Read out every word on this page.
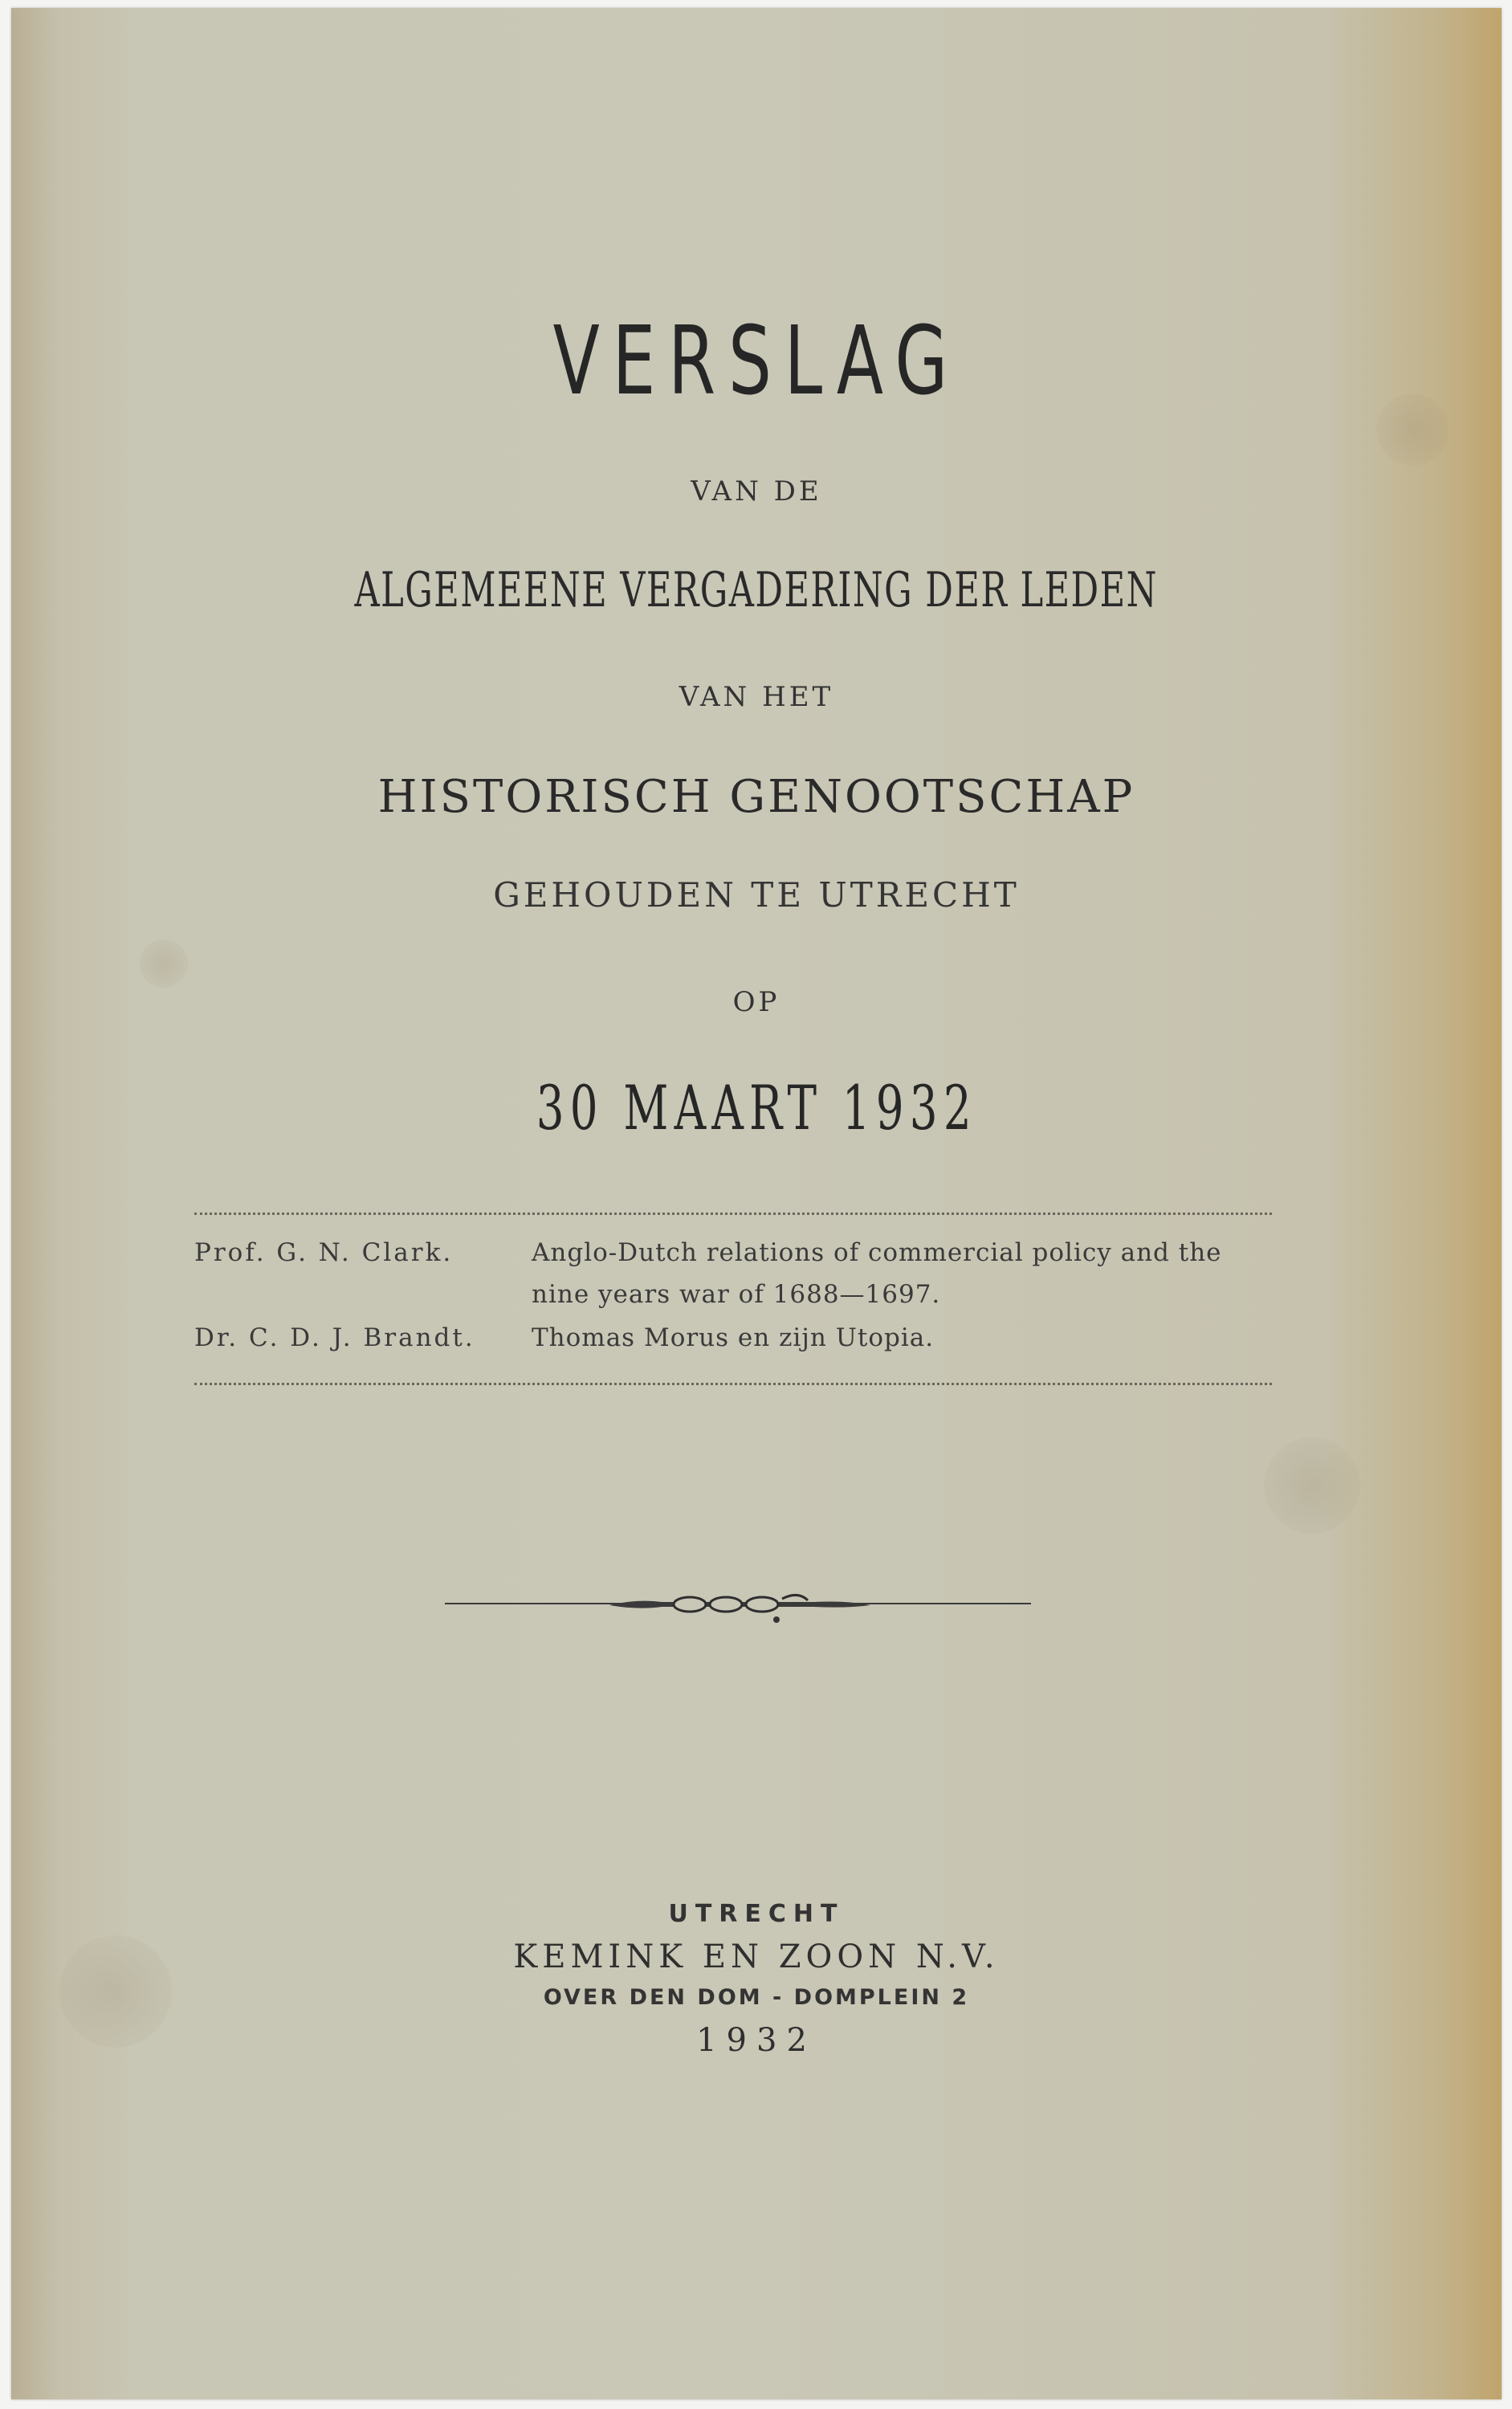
VERSLAG
VAN DE
ALGEMEENE VERGADERING DER LEDEN
VAN HET
HISTORISCH GENOOTSCHAP
GEHOUDEN TE UTRECHT
OP
30 MAART 1932
Prof. G. N. Clark.	Anglo-Dutch relations of commercial policy and the
nine years war of 1688—1697.
Dr. C. D. J. Brandt. Thomas Morus en zijn Utopia.
UTRECHT
KEMINK EN ZOON N.V.
OVER DEN DOM - DOMPLEIN 2
1932
